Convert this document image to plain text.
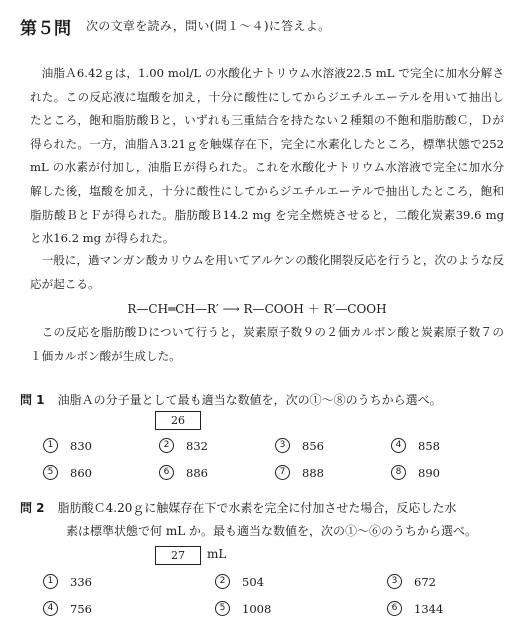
第５問 次の文章を読み，問い(問１～４)に答えよ。

油脂Ａ6.42ｇは，1.00 mol/L の水酸化ナトリウム水溶液22.5 mL で完全に加水分解された。この反応液に塩酸を加え，十分に酸性にしてからジエチルエーテルを用いて抽出したところ，飽和脂肪酸Ｂと，いずれも三重結合を持たない２種類の不飽和脂肪酸Ｃ，Ｄが得られた。一方，油脂Ａ3.21ｇを触媒存在下，完全に水素化したところ，標準状態で252 mL の水素が付加し，油脂Ｅが得られた。これを水酸化ナトリウム水溶液で完全に加水分解した後，塩酸を加え，十分に酸性にしてからジエチルエーテルで抽出したところ，飽和脂肪酸ＢとＦが得られた。脂肪酸Ｂ14.2 mg を完全燃焼させると，二酸化炭素39.6 mg と水16.2 mg が得られた。

一般に，過マンガン酸カリウムを用いてアルケンの酸化開裂反応を行うと，次のような反応が起こる。

R—CH═CH—R′ ⟶ R—COOH ＋ R′—COOH

この反応を脂肪酸Ｄについて行うと，炭素原子数９の２価カルボン酸と炭素原子数７の１価カルボン酸が生成した。

問 1 油脂Ａの分子量として最も適当な数値を，次の①～⑧のうちから選べ。
26
1	830	2	832	3	856	4	858
5	860	6	886	7	888	8	890
問 2 脂肪酸Ｃ4.20ｇに触媒存在下で水素を完全に付加させた場合，反応した水
素は標準状態で何 mL か。最も適当な数値を，次の①～⑥のうちから選べ。
27	mL
1	336	2	504	3	672
4	756	5	1008	6	1344
